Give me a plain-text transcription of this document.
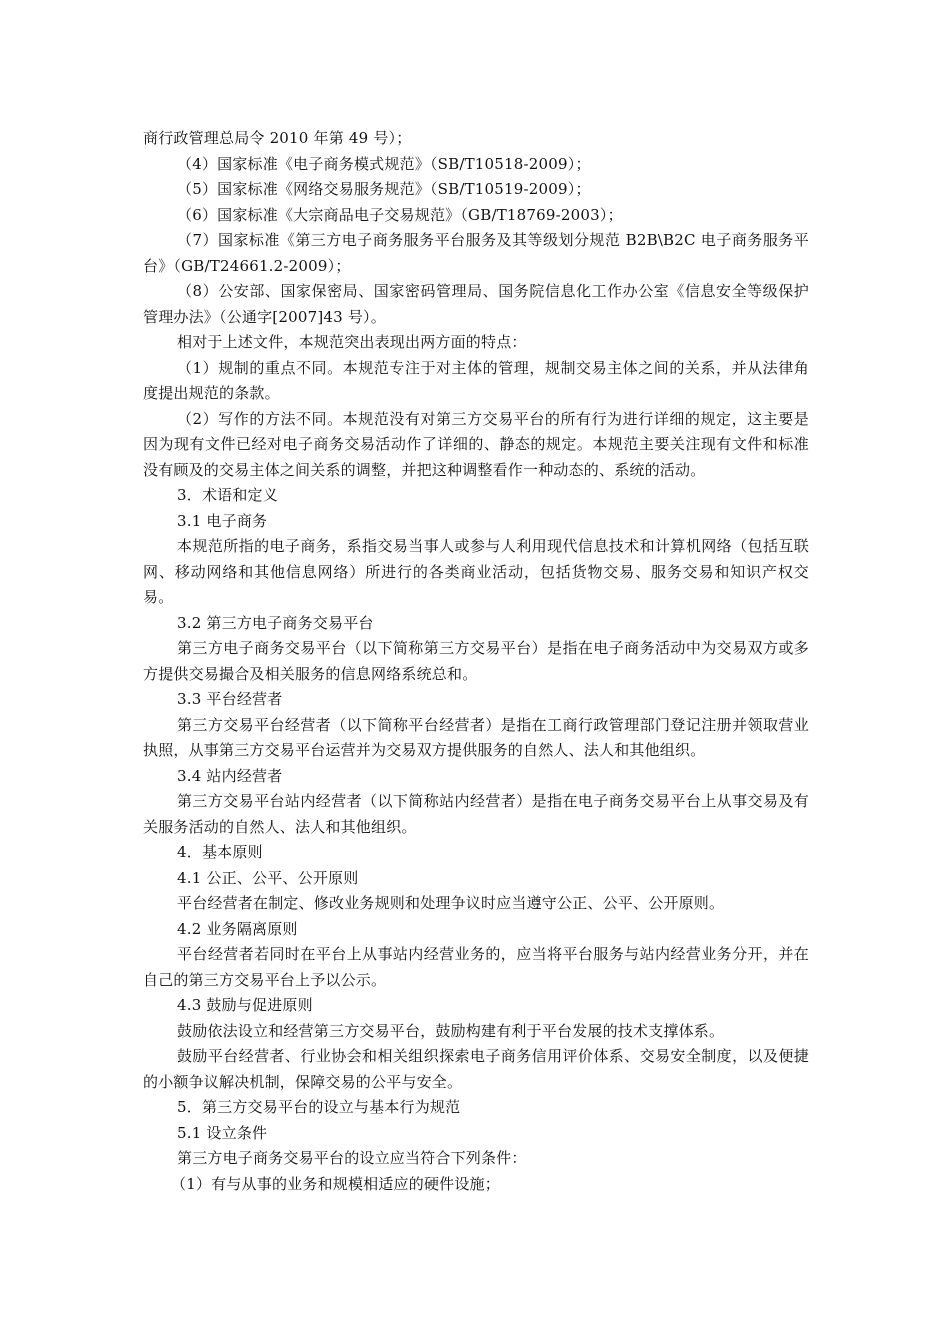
商行政管理总局令 2010 年第 49 号）；

（4）国家标准《电子商务模式规范》（SB/T10518-2009）；

（5）国家标准《网络交易服务规范》（SB/T10519-2009）；

（6）国家标准《大宗商品电子交易规范》（GB/T18769-2003）；

（7）国家标准《第三方电子商务服务平台服务及其等级划分规范 B2B\B2C 电子商务服务平台》（GB/T24661.2-2009）；

（8）公安部、国家保密局、国家密码管理局、国务院信息化工作办公室《信息安全等级保护管理办法》（公通字[2007]43 号）。

相对于上述文件，本规范突出表现出两方面的特点：

（1）规制的重点不同。本规范专注于对主体的管理，规制交易主体之间的关系，并从法律角度提出规范的条款。

（2）写作的方法不同。本规范没有对第三方交易平台的所有行为进行详细的规定，这主要是因为现有文件已经对电子商务交易活动作了详细的、静态的规定。本规范主要关注现有文件和标准没有顾及的交易主体之间关系的调整，并把这种调整看作一种动态的、系统的活动。

3．术语和定义

3.1 电子商务

本规范所指的电子商务，系指交易当事人或参与人利用现代信息技术和计算机网络（包括互联网、移动网络和其他信息网络）所进行的各类商业活动，包括货物交易、服务交易和知识产权交易。

3.2 第三方电子商务交易平台

第三方电子商务交易平台（以下简称第三方交易平台）是指在电子商务活动中为交易双方或多方提供交易撮合及相关服务的信息网络系统总和。

3.3 平台经营者

第三方交易平台经营者（以下简称平台经营者）是指在工商行政管理部门登记注册并领取营业执照，从事第三方交易平台运营并为交易双方提供服务的自然人、法人和其他组织。

3.4 站内经营者

第三方交易平台站内经营者（以下简称站内经营者）是指在电子商务交易平台上从事交易及有关服务活动的自然人、法人和其他组织。

4．基本原则

4.1 公正、公平、公开原则

平台经营者在制定、修改业务规则和处理争议时应当遵守公正、公平、公开原则。

4.2 业务隔离原则

平台经营者若同时在平台上从事站内经营业务的，应当将平台服务与站内经营业务分开，并在自己的第三方交易平台上予以公示。

4.3 鼓励与促进原则

鼓励依法设立和经营第三方交易平台，鼓励构建有利于平台发展的技术支撑体系。

鼓励平台经营者、行业协会和相关组织探索电子商务信用评价体系、交易安全制度，以及便捷的小额争议解决机制，保障交易的公平与安全。

5．第三方交易平台的设立与基本行为规范

5.1 设立条件

第三方电子商务交易平台的设立应当符合下列条件：

（1）有与从事的业务和规模相适应的硬件设施；
